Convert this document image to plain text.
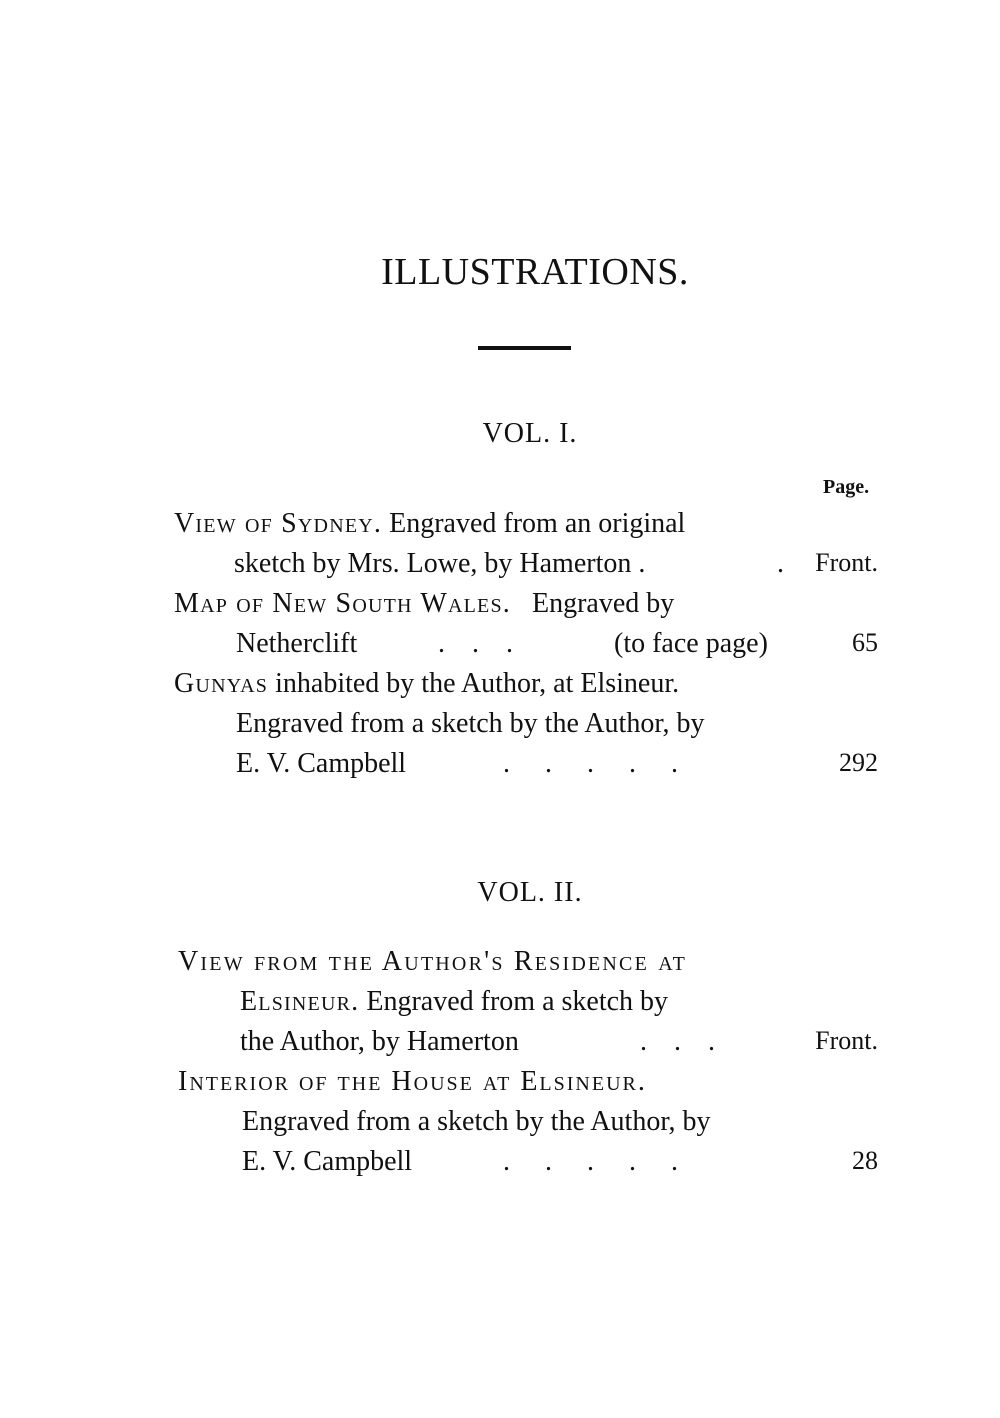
ILLUSTRATIONS.
VOL. I.
Page.
View of Sydney. Engraved from an original
sketch by Mrs. Lowe, by Hamerton .	. Front.
Map of New South Wales. Engraved by
Netherclift	. . .	(to face page)	65
Gunyas inhabited by the Author, at Elsineur.
Engraved from a sketch by the Author, by
E. V. Campbell	. . . . .	292
VOL. II.
View from the Author's Residence at
Elsineur. Engraved from a sketch by
the Author, by Hamerton	. . .	Front.
Interior of the House at Elsineur.
Engraved from a sketch by the Author, by
E. V. Campbell	. . . . .	28
